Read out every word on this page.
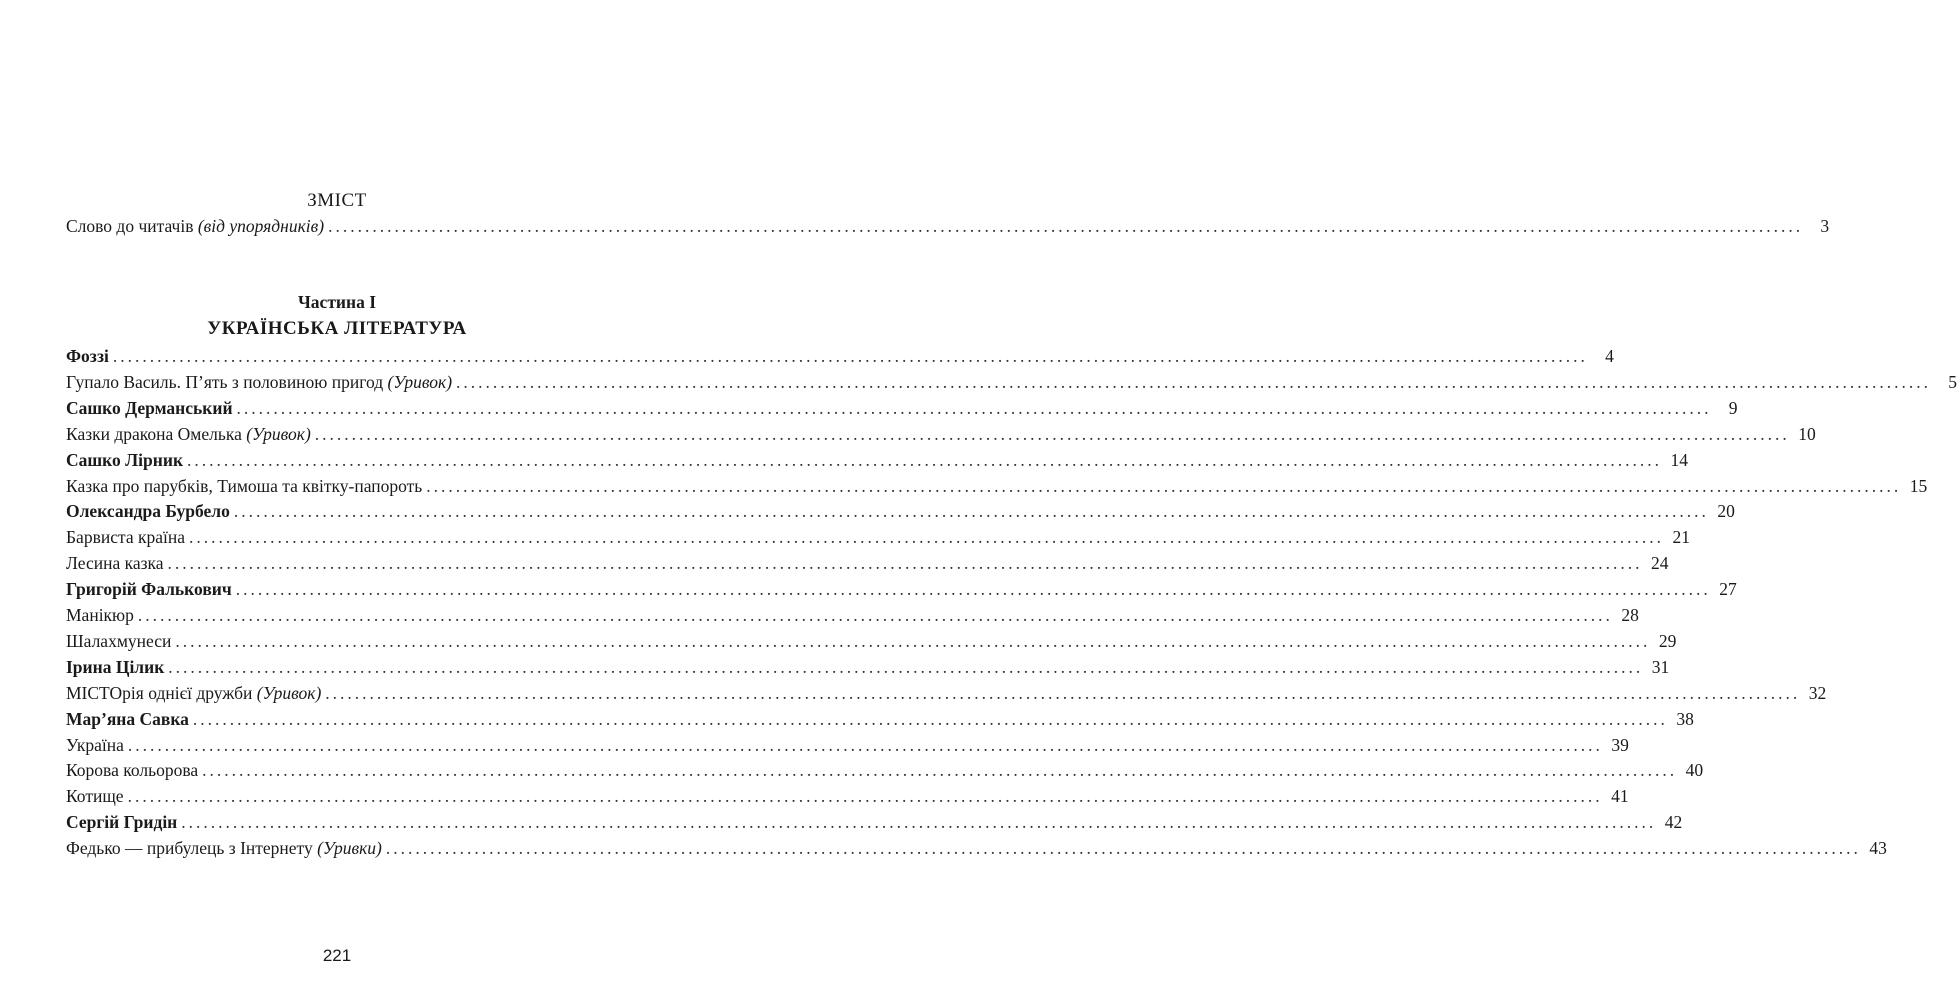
ЗМІСТ
Слово до читачів (від упорядників) ........................................................................................................................................................................................................ 3
Частина І
УКРАЇНСЬКА ЛІТЕРАТУРА
Фоззі ........................................................................................................................................................................................................ 4
Гупало Василь. П’ять з половиною пригод (Уривок) ........................................................................................................................................................................................................ 5
Сашко Дерманський ........................................................................................................................................................................................................ 9
Казки дракона Омелька (Уривок) ........................................................................................................................................................................................................ 10
Сашко Лірник ........................................................................................................................................................................................................ 14
Казка про парубків, Тимоша та квітку-папороть ........................................................................................................................................................................................................ 15
Олександра Бурбело ........................................................................................................................................................................................................ 20
Барвиста країна ........................................................................................................................................................................................................ 21
Лесина казка ........................................................................................................................................................................................................ 24
Григорій Фалькович ........................................................................................................................................................................................................ 27
Манікюр ........................................................................................................................................................................................................ 28
Шалахмунеси ........................................................................................................................................................................................................ 29
Ірина Цілик ........................................................................................................................................................................................................ 31
МІСТОрія однієї дружби (Уривок) ........................................................................................................................................................................................................ 32
Мар’яна Савка ........................................................................................................................................................................................................ 38
Україна ........................................................................................................................................................................................................ 39
Корова кольорова ........................................................................................................................................................................................................ 40
Котище ........................................................................................................................................................................................................ 41
Сергій Гридін ........................................................................................................................................................................................................ 42
Федько — прибулець з Інтернету (Уривки) ........................................................................................................................................................................................................ 43
221
